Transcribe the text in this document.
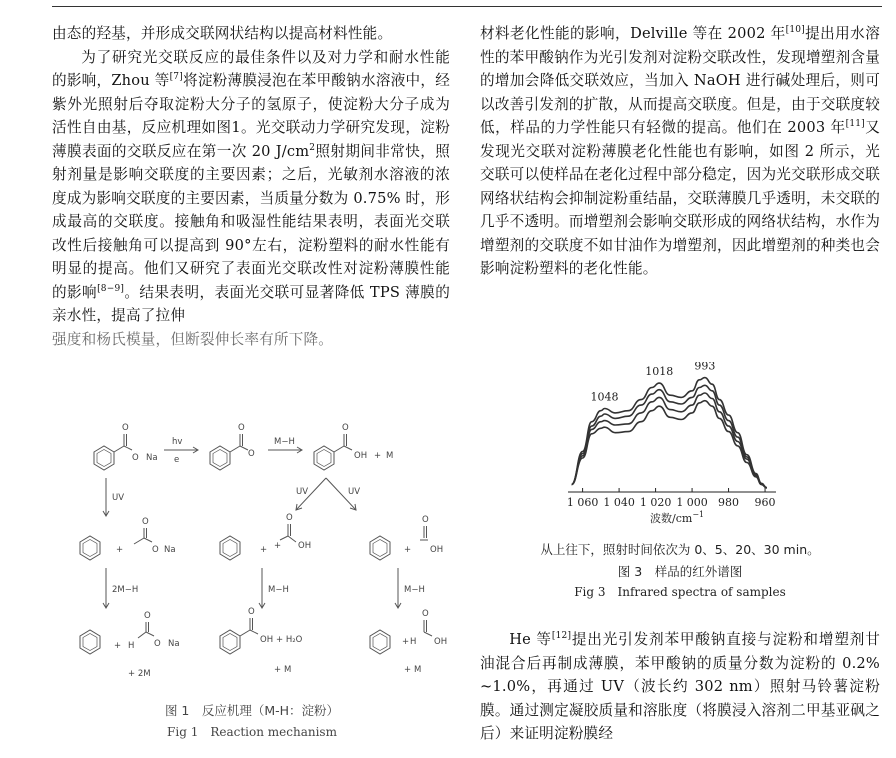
由态的羟基，并形成交联网状结构以提高材料性能。

为了研究光交联反应的最佳条件以及对力学和耐水性能的影响，Zhou 等[7]将淀粉薄膜浸泡在苯甲酸钠水溶液中，经紫外光照射后夺取淀粉大分子的氢原子，使淀粉大分子成为活性自由基，反应机理如图1。光交联动力学研究发现，淀粉薄膜表面的交联反应在第一次 20 $J/cm^2$照射期间非常快，照射剂量是影响交联度的主要因素；之后，光敏剂水溶液的浓度成为影响交联度的主要因素，当质量分数为 0.75% 时，形成最高的交联度。接触角和吸湿性能结果表明，表面光交联改性后接触角可以提高到 90°左右，淀粉塑料的耐水性能有明显的提高。他们又研究了表面光交联改性对淀粉薄膜性能的影响[8−9]。结果表明，表面光交联可显著降低 TPS 薄膜的亲水性，提高了拉伸

强度和杨氏模量，但断裂伸长率有所下降。

O
O Na
hv
e
O
O
M−H
O
OH + M
UV
UV	UV
+
O
O Na	+
O
+ OH	+
O
OH
2M−H	M−H	M−H
+ H
O
O Na
+ 2M
O
OH + H₂O
+ M
+ H
O
OH
+ M
图 1　反应机理（M-H：淀粉）
Fig 1　Reaction mechanism

材料老化性能的影响，Delville 等在 2002 年[10]提出用水溶性的苯甲酸钠作为光引发剂对淀粉交联改性，发现增塑剂含量的增加会降低交联效应，当加入 NaOH 进行碱处理后，则可以改善引发剂的扩散，从而提高交联度。但是，由于交联度较低，样品的力学性能只有轻微的提高。他们在 2003 年[11]又发现光交联对淀粉薄膜老化性能也有影响，如图 2 所示，光交联可以使样品在老化过程中部分稳定，因为光交联形成交联网络状结构会抑制淀粉重结晶，交联薄膜几乎透明，未交联的几乎不透明。而增塑剂会影响交联形成的网络状结构，水作为增塑剂的交联度不如甘油作为增塑剂，因此增塑剂的种类也会影响淀粉塑料的老化性能。

1 060 1 040 1 020 1 000 980 960
1048
1018 993
波数$/cm^{-1}$
从上往下，照射时间依次为 0、5、20、30 min。
图 3　样品的红外谱图
Fig 3　Infrared spectra of samples

He 等[12]提出光引发剂苯甲酸钠直接与淀粉和增塑剂甘油混合后再制成薄膜，苯甲酸钠的质量分数为淀粉的 0.2% ~1.0%，再通过 UV（波长约 302 nm）照射马铃薯淀粉膜。通过测定凝胶质量和溶胀度（将膜浸入溶剂二甲基亚砜之后）来证明淀粉膜经
